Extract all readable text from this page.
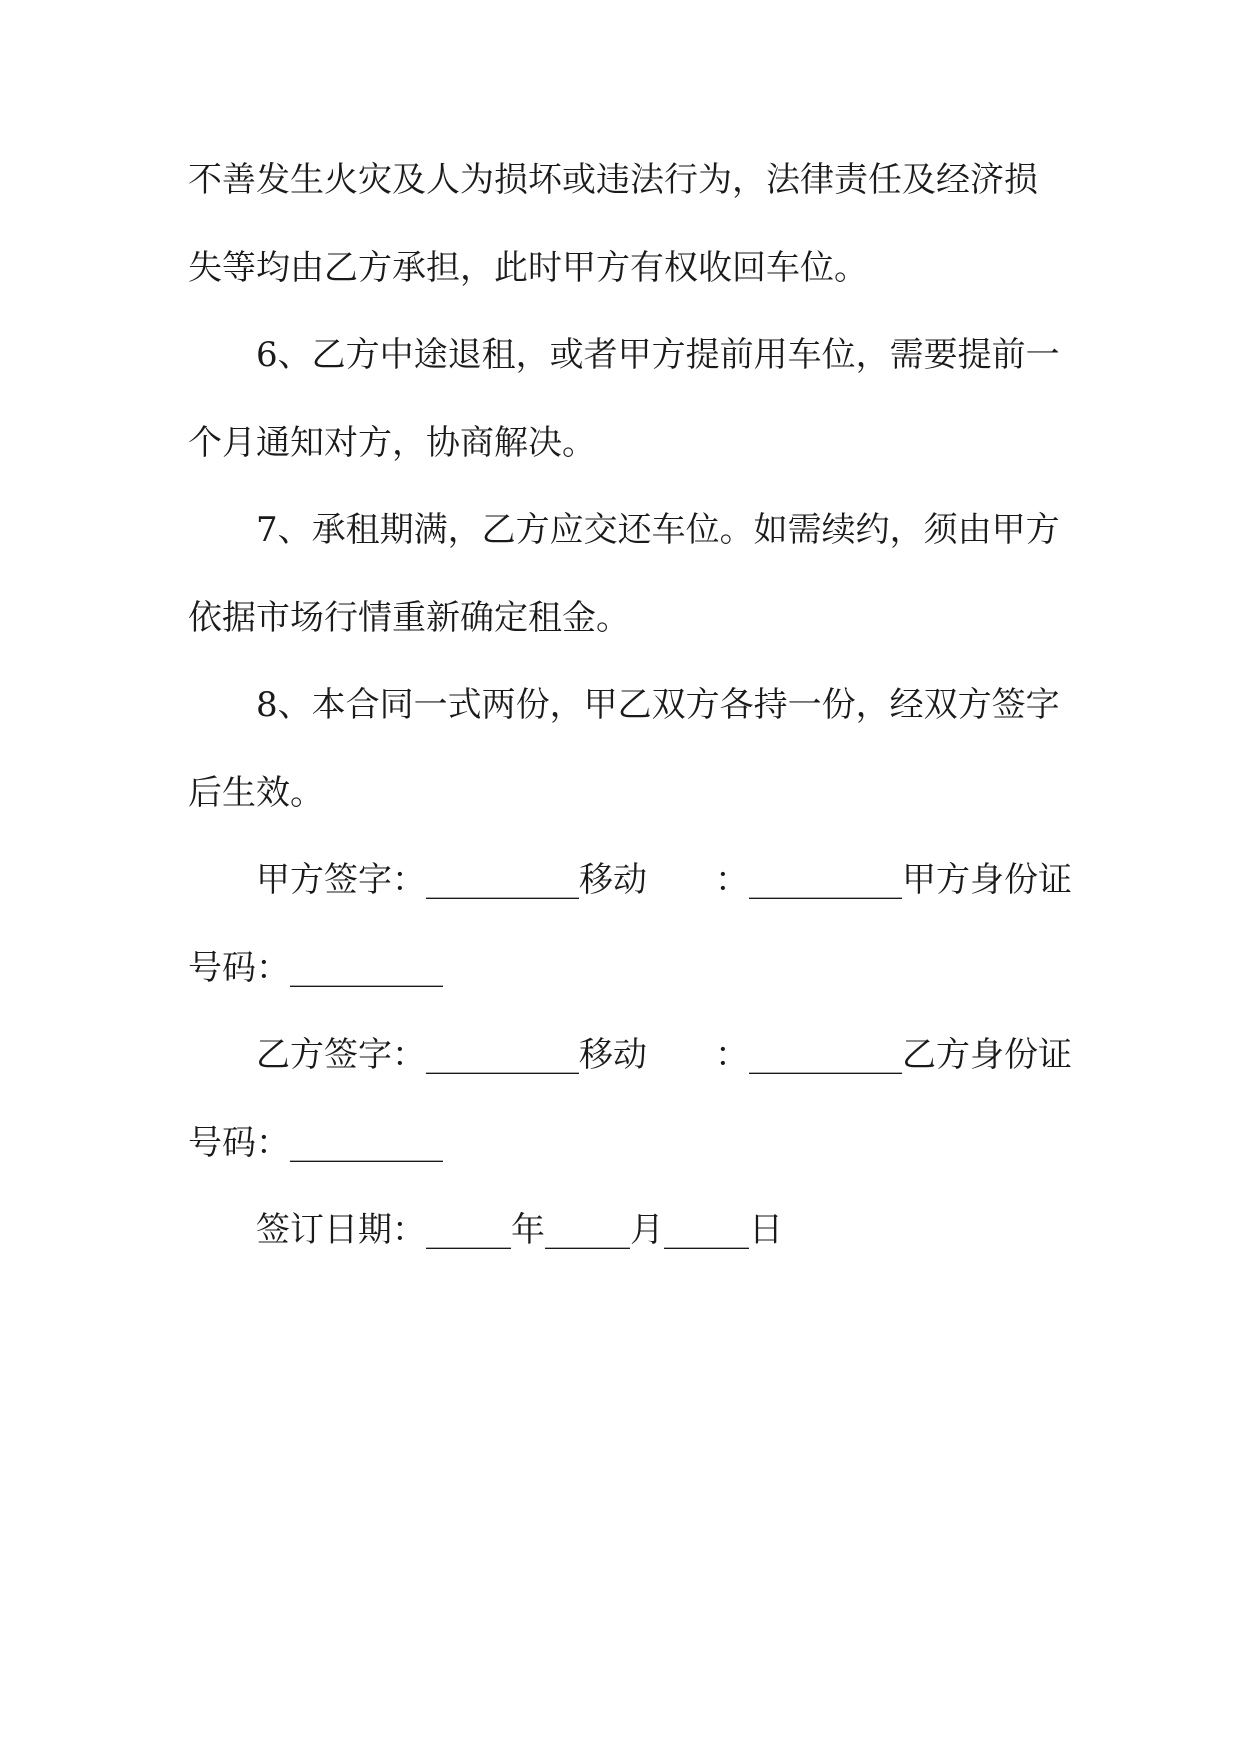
不善发生火灾及人为损坏或违法行为，法律责任及经济损

失等均由乙方承担，此时甲方有权收回车位。

6、乙方中途退租，或者甲方提前用车位，需要提前一

个月通知对方，协商解决。

7、承租期满，乙方应交还车位。如需续约，须由甲方

依据市场行情重新确定租金。

8、本合同一式两份，甲乙双方各持一份，经双方签字

后生效。

甲方签字：_________移动　　：_________甲方身份证

号码：_________

乙方签字：_________移动　　：_________乙方身份证

号码：_________

签订日期：_____年_____月_____日
